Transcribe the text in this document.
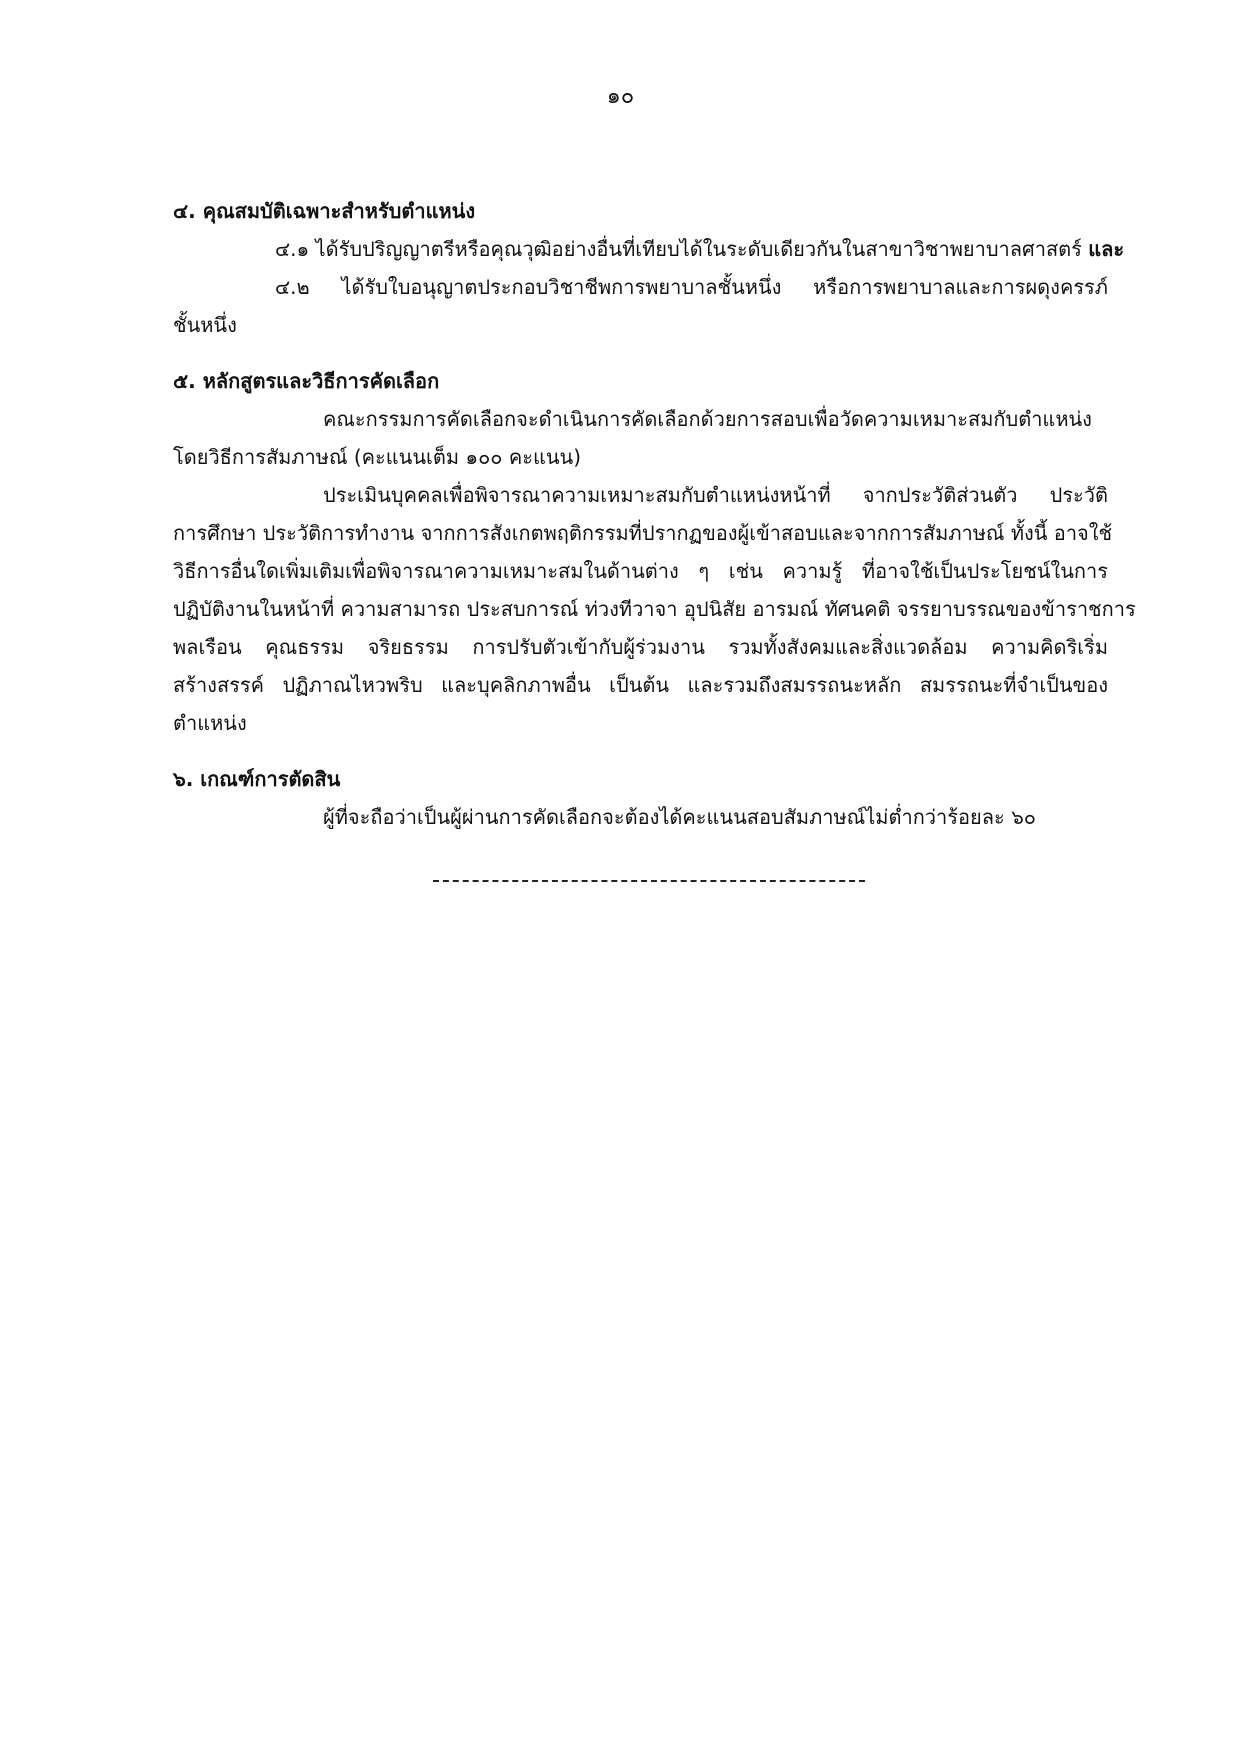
๑๐
๔. คุณสมบัติเฉพาะสำหรับตำแหน่ง
๔.๑ ได้รับปริญญาตรีหรือคุณวุฒิอย่างอื่นที่เทียบได้ในระดับเดียวกันในสาขาวิชาพยาบาลศาสตร์ และ
๔.๒ ได้รับใบอนุญาตประกอบวิชาชีพการพยาบาลชั้นหนึ่ง หรือการพยาบาลและการผดุงครรภ์
ชั้นหนึ่ง
๕. หลักสูตรและวิธีการคัดเลือก
คณะกรรมการคัดเลือกจะดำเนินการคัดเลือกด้วยการสอบเพื่อวัดความเหมาะสมกับตำแหน่ง
โดยวิธีการสัมภาษณ์ (คะแนนเต็ม ๑๐๐ คะแนน)
ประเมินบุคคลเพื่อพิจารณาความเหมาะสมกับตำแหน่งหน้าที่ จากประวัติส่วนตัว ประวัติ
การศึกษา ประวัติการทำงาน จากการสังเกตพฤติกรรมที่ปรากฏของผู้เข้าสอบและจากการสัมภาษณ์ ทั้งนี้ อาจใช้
วิธีการอื่นใดเพิ่มเติมเพื่อพิจารณาความเหมาะสมในด้านต่าง ๆ เช่น ความรู้ ที่อาจใช้เป็นประโยชน์ในการ
ปฏิบัติงานในหน้าที่ ความสามารถ ประสบการณ์ ท่วงทีวาจา อุปนิสัย อารมณ์ ทัศนคติ จรรยาบรรณของข้าราชการ
พลเรือน คุณธรรม จริยธรรม การปรับตัวเข้ากับผู้ร่วมงาน รวมทั้งสังคมและสิ่งแวดล้อม ความคิดริเริ่ม
สร้างสรรค์ ปฏิภาณไหวพริบ และบุคลิกภาพอื่น เป็นต้น และรวมถึงสมรรถนะหลัก สมรรถนะที่จำเป็นของ
ตำแหน่ง
๖. เกณฑ์การตัดสิน
ผู้ที่จะถือว่าเป็นผู้ผ่านการคัดเลือกจะต้องได้คะแนนสอบสัมภาษณ์ไม่ต่ำกว่าร้อยละ ๖๐
